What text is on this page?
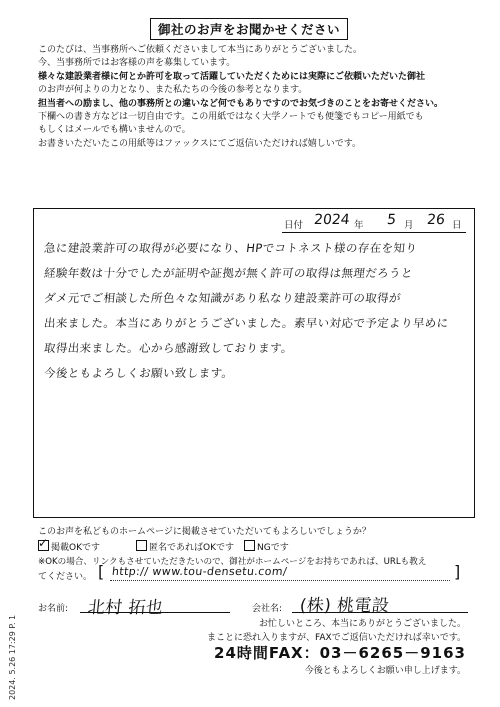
御社のお声をお聞かせください
このたびは、当事務所へご依頼くださいまして本当にありがとうございました。
今、当事務所ではお客様の声を募集しています。
様々な建設業者様に何とか許可を取って活躍していただくためには実際にご依頼いただいた御社
のお声が何よりの力となり、また私たちの今後の参考となります。
担当者への励まし、他の事務所との違いなど何でもありですのでお気づきのことをお寄せください。
下欄への書き方などは一切自由です。この用紙ではなく大学ノートでも便箋でもコピー用紙でも
もしくはメールでも構いませんので。
お書きいただいたこの用紙等はファックスにてご返信いただければ嬉しいです。
日付 2024 年 5 月 26 日
急に建設業許可の取得が必要になり、HPでコトネスト様の存在を知り
経験年数は十分でしたが証明や証拠が無く許可の取得は無理だろうと
ダメ元でご相談した所色々な知識があり私なり建設業許可の取得が
出来ました。本当にありがとうございました。素早い対応で予定より早めに
取得出来ました。心から感謝致しております。
今後ともよろしくお願い致します。
このお声を私どものホームページに掲載させていただいてもよろしいでしょうか？
✓掲載OKです	匿名であればOKです	NGです
※OKの場合、リンクもさせていただきたいので、御社がホームページをお持ちであれば、URLも教え
てください。 [ http:// www.tou-densetu.com/	]
お名前: 北村 拓也	会社名: (株) 桃電設
お忙しいところ、本当にありがとうございました。
まことに恐れ入りますが、FAXでご返信いただければ幸いです。
24時間FAX：03－6265－9163
今後ともよろしくお願い申し上げます。
2024. 5.26 17:29 P. 1
